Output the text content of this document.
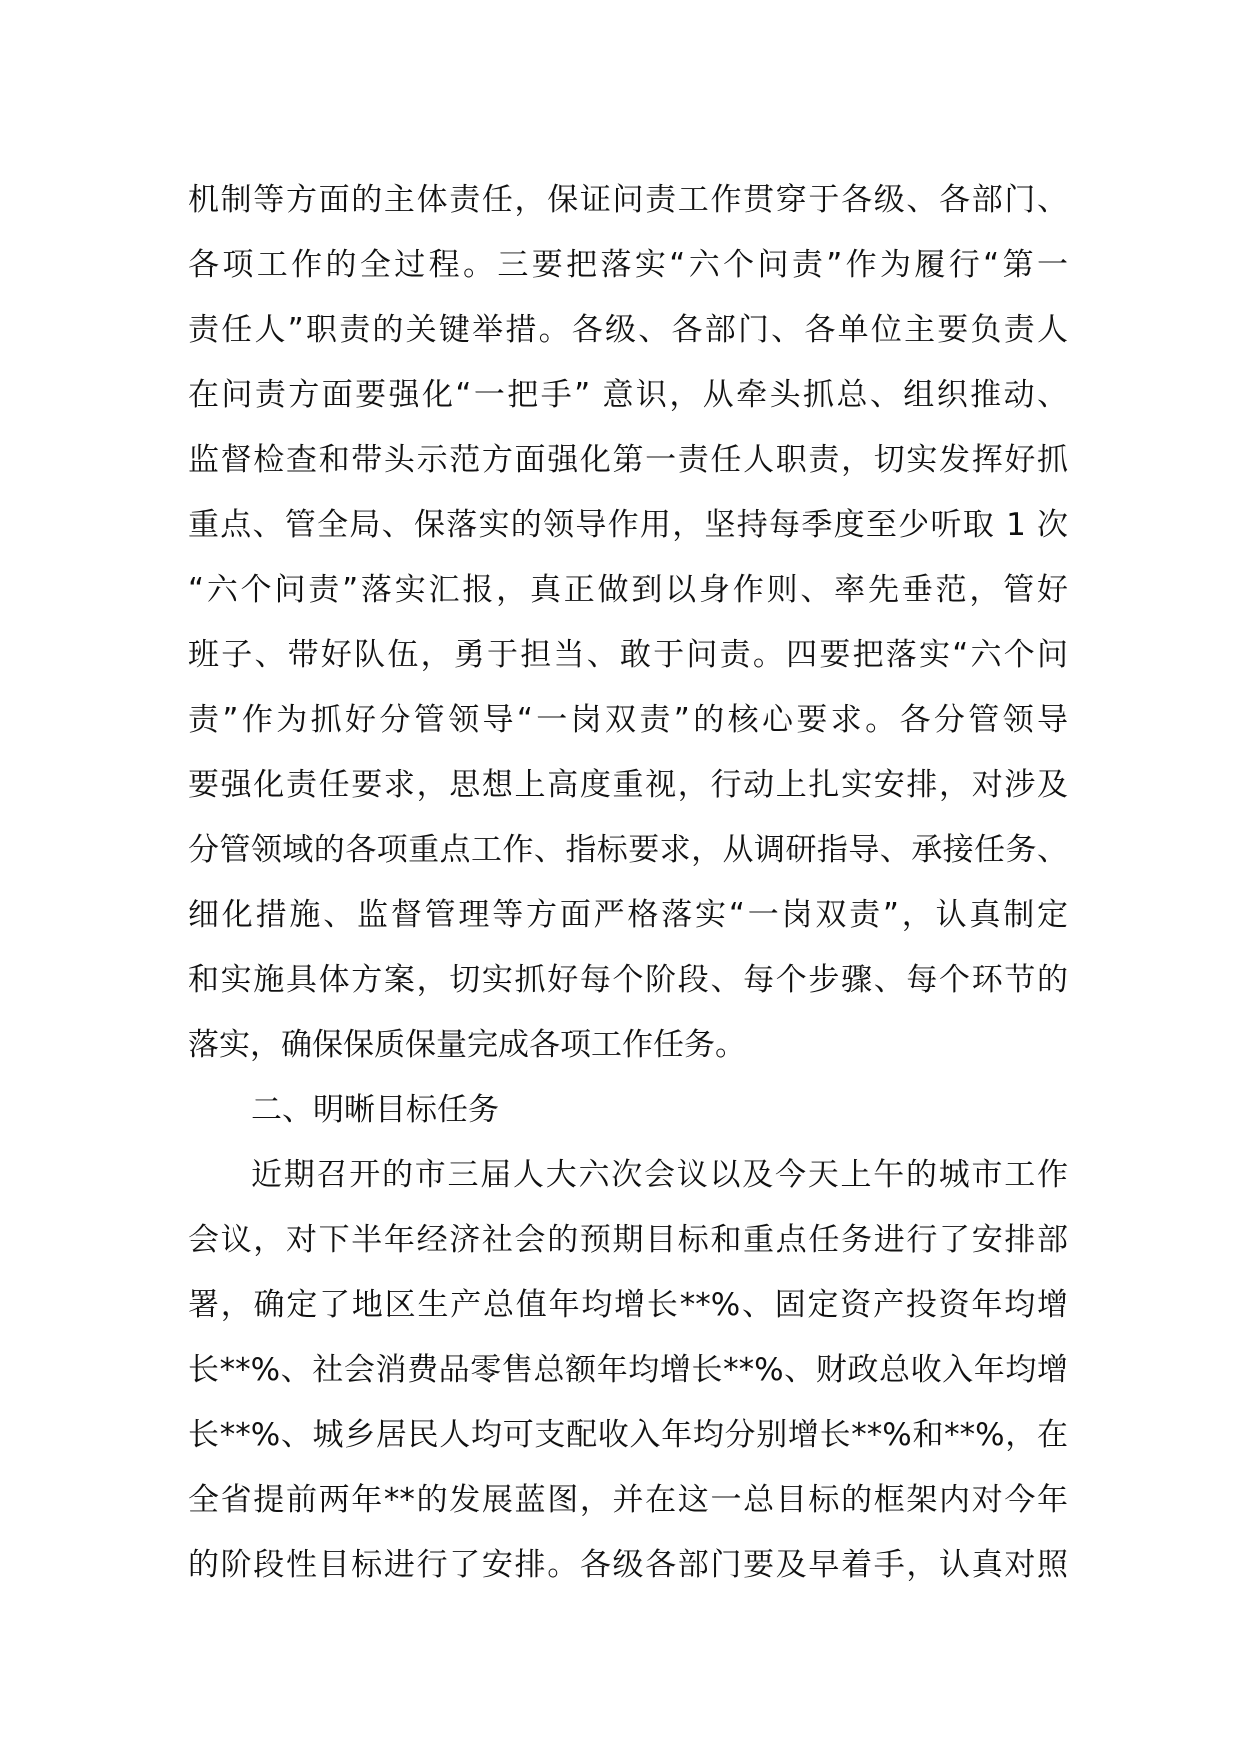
机制等方面的主体责任，保证问责工作贯穿于各级、各部门、
各项工作的全过程。三要把落实“六个问责”作为履行“第一
责任人”职责的关键举措。各级、各部门、各单位主要负责人
在问责方面要强化“一把手” 意识，从牵头抓总、组织推动、
监督检查和带头示范方面强化第一责任人职责，切实发挥好抓
重点、管全局、保落实的领导作用，坚持每季度至少听取 1 次
“六个问责”落实汇报，真正做到以身作则、率先垂范，管好
班子、带好队伍，勇于担当、敢于问责。四要把落实“六个问
责”作为抓好分管领导“一岗双责”的核心要求。各分管领导
要强化责任要求，思想上高度重视，行动上扎实安排，对涉及
分管领域的各项重点工作、指标要求，从调研指导、承接任务、
细化措施、监督管理等方面严格落实“一岗双责”，认真制定
和实施具体方案，切实抓好每个阶段、每个步骤、每个环节的
落实，确保保质保量完成各项工作任务。
二、明晰目标任务
近期召开的市三届人大六次会议以及今天上午的城市工作
会议，对下半年经济社会的预期目标和重点任务进行了安排部
署，确定了地区生产总值年均增长**%、固定资产投资年均增
长**%、社会消费品零售总额年均增长**%、财政总收入年均增
长**%、城乡居民人均可支配收入年均分别增长**%和**%，在
全省提前两年**的发展蓝图，并在这一总目标的框架内对今年
的阶段性目标进行了安排。各级各部门要及早着手，认真对照
